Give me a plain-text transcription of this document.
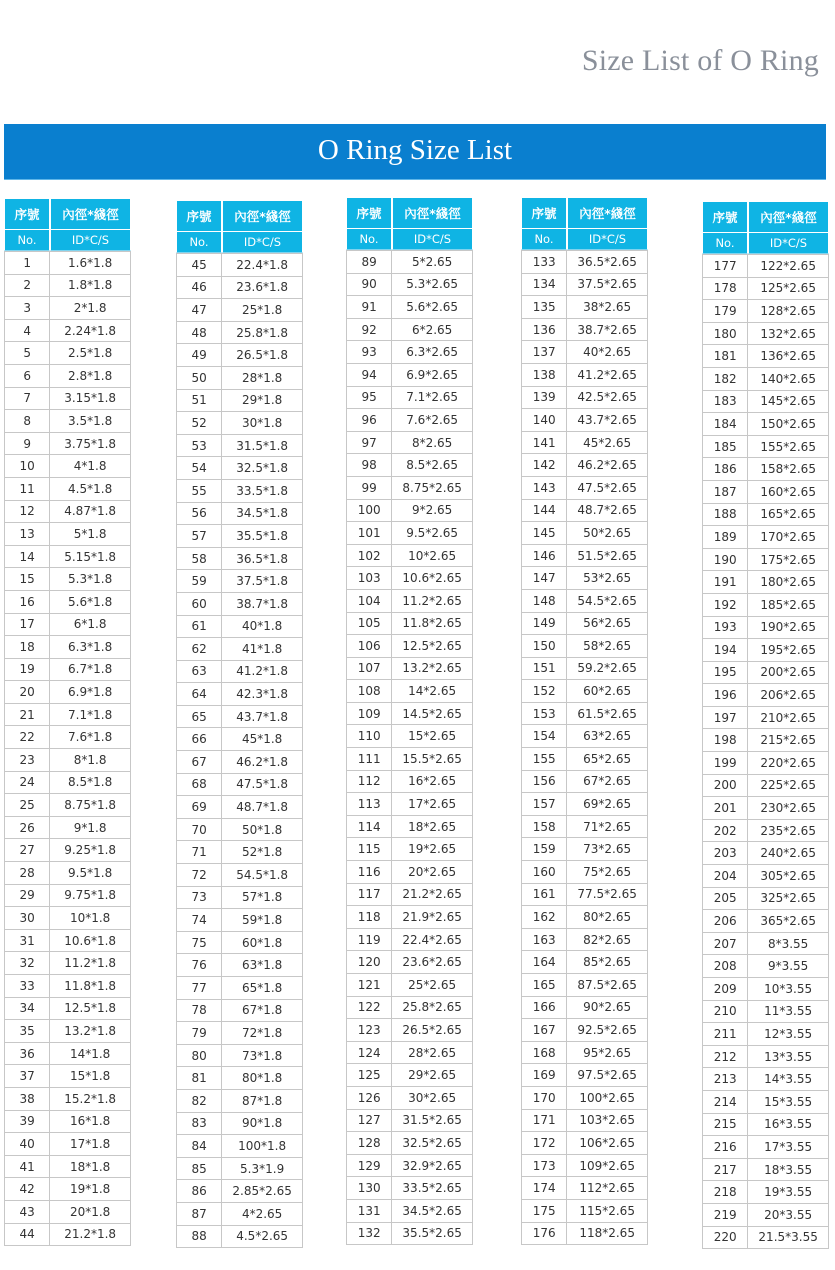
Size List of O Ring
O Ring Size List
序號	內徑*綫徑
No.	ID*C/S
1	1.6*1.8
2	1.8*1.8
3	2*1.8
4	2.24*1.8
5	2.5*1.8
6	2.8*1.8
7	3.15*1.8
8	3.5*1.8
9	3.75*1.8
10	4*1.8
11	4.5*1.8
12	4.87*1.8
13	5*1.8
14	5.15*1.8
15	5.3*1.8
16	5.6*1.8
17	6*1.8
18	6.3*1.8
19	6.7*1.8
20	6.9*1.8
21	7.1*1.8
22	7.6*1.8
23	8*1.8
24	8.5*1.8
25	8.75*1.8
26	9*1.8
27	9.25*1.8
28	9.5*1.8
29	9.75*1.8
30	10*1.8
31	10.6*1.8
32	11.2*1.8
33	11.8*1.8
34	12.5*1.8
35	13.2*1.8
36	14*1.8
37	15*1.8
38	15.2*1.8
39	16*1.8
40	17*1.8
41	18*1.8
42	19*1.8
43	20*1.8
44	21.2*1.8
序號	內徑*綫徑
No.	ID*C/S
45	22.4*1.8
46	23.6*1.8
47	25*1.8
48	25.8*1.8
49	26.5*1.8
50	28*1.8
51	29*1.8
52	30*1.8
53	31.5*1.8
54	32.5*1.8
55	33.5*1.8
56	34.5*1.8
57	35.5*1.8
58	36.5*1.8
59	37.5*1.8
60	38.7*1.8
61	40*1.8
62	41*1.8
63	41.2*1.8
64	42.3*1.8
65	43.7*1.8
66	45*1.8
67	46.2*1.8
68	47.5*1.8
69	48.7*1.8
70	50*1.8
71	52*1.8
72	54.5*1.8
73	57*1.8
74	59*1.8
75	60*1.8
76	63*1.8
77	65*1.8
78	67*1.8
79	72*1.8
80	73*1.8
81	80*1.8
82	87*1.8
83	90*1.8
84	100*1.8
85	5.3*1.9
86	2.85*2.65
87	4*2.65
88	4.5*2.65
序號	內徑*綫徑
No.	ID*C/S
89	5*2.65
90	5.3*2.65
91	5.6*2.65
92	6*2.65
93	6.3*2.65
94	6.9*2.65
95	7.1*2.65
96	7.6*2.65
97	8*2.65
98	8.5*2.65
99	8.75*2.65
100	9*2.65
101	9.5*2.65
102	10*2.65
103	10.6*2.65
104	11.2*2.65
105	11.8*2.65
106	12.5*2.65
107	13.2*2.65
108	14*2.65
109	14.5*2.65
110	15*2.65
111	15.5*2.65
112	16*2.65
113	17*2.65
114	18*2.65
115	19*2.65
116	20*2.65
117	21.2*2.65
118	21.9*2.65
119	22.4*2.65
120	23.6*2.65
121	25*2.65
122	25.8*2.65
123	26.5*2.65
124	28*2.65
125	29*2.65
126	30*2.65
127	31.5*2.65
128	32.5*2.65
129	32.9*2.65
130	33.5*2.65
131	34.5*2.65
132	35.5*2.65
序號	內徑*綫徑
No.	ID*C/S
133	36.5*2.65
134	37.5*2.65
135	38*2.65
136	38.7*2.65
137	40*2.65
138	41.2*2.65
139	42.5*2.65
140	43.7*2.65
141	45*2.65
142	46.2*2.65
143	47.5*2.65
144	48.7*2.65
145	50*2.65
146	51.5*2.65
147	53*2.65
148	54.5*2.65
149	56*2.65
150	58*2.65
151	59.2*2.65
152	60*2.65
153	61.5*2.65
154	63*2.65
155	65*2.65
156	67*2.65
157	69*2.65
158	71*2.65
159	73*2.65
160	75*2.65
161	77.5*2.65
162	80*2.65
163	82*2.65
164	85*2.65
165	87.5*2.65
166	90*2.65
167	92.5*2.65
168	95*2.65
169	97.5*2.65
170	100*2.65
171	103*2.65
172	106*2.65
173	109*2.65
174	112*2.65
175	115*2.65
176	118*2.65
序號	內徑*綫徑
No.	ID*C/S
177	122*2.65
178	125*2.65
179	128*2.65
180	132*2.65
181	136*2.65
182	140*2.65
183	145*2.65
184	150*2.65
185	155*2.65
186	158*2.65
187	160*2.65
188	165*2.65
189	170*2.65
190	175*2.65
191	180*2.65
192	185*2.65
193	190*2.65
194	195*2.65
195	200*2.65
196	206*2.65
197	210*2.65
198	215*2.65
199	220*2.65
200	225*2.65
201	230*2.65
202	235*2.65
203	240*2.65
204	305*2.65
205	325*2.65
206	365*2.65
207	8*3.55
208	9*3.55
209	10*3.55
210	11*3.55
211	12*3.55
212	13*3.55
213	14*3.55
214	15*3.55
215	16*3.55
216	17*3.55
217	18*3.55
218	19*3.55
219	20*3.55
220	21.5*3.55
